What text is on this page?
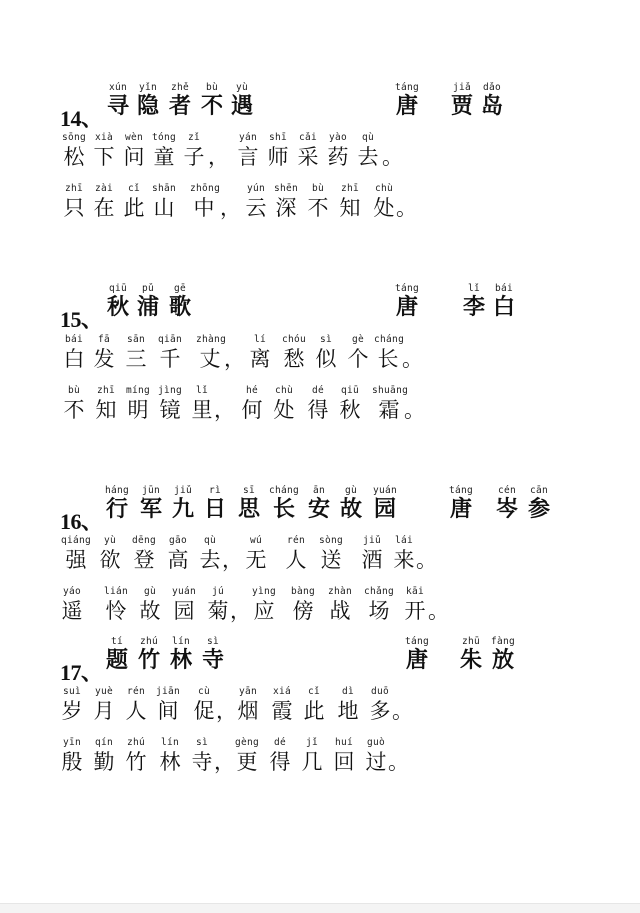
14、
xún
寻
yǐn
隐
zhě
者
bù
不
yù
遇
táng
唐
jiǎ
贾
dǎo
岛
sōng
松
xià
下
wèn
问
tóng
童
zǐ
子 ，
yán
言
shī
师
cǎi
采
yào
药
qù
去 。
zhī
只
zài
在
cǐ
此
shān
山
zhōng
中 ，
yún
云
shēn
深
bù
不
zhī
知
chù
处 。
15、
qiū
秋
pǔ
浦
gē
歌
táng
唐
lǐ
李
bái
白
bái
白
fā
发
sān
三
qiān
千
zhàng
丈 ，
lí
离
chóu
愁
sì
似
gè
个
cháng
长 。
bù
不
zhī
知
míng
明
jìng
镜
lǐ
里 ，
hé
何
chù
处
dé
得
qiū
秋
shuāng
霜 。
16、
háng
行
jūn
军
jiǔ
九
rì
日
sī
思
cháng
长
ān
安
gù
故
yuán
园
táng
唐
cén
岑
cān
参
qiáng
强
yù
欲
dēng
登
gāo
高
qù
去 ，
wú
无
rén
人
sòng
送
jiǔ
酒
lái
来 。
yáo
遥
lián
怜
gù
故
yuán
园
jú
菊 ，
yìng
应
bàng
傍
zhàn
战
chǎng
场
kāi
开 。
17、
tí
题
zhú
竹
lín
林
sì
寺
táng
唐
zhū
朱
fàng
放
suì
岁
yuè
月
rén
人
jiān
间
cù
促 ，
yān
烟
xiá
霞
cǐ
此
dì
地
duō
多 。
yīn
殷
qín
勤
zhú
竹
lín
林
sì
寺 ，
gèng
更
dé
得
jǐ
几
huí
回
guò
过 。
